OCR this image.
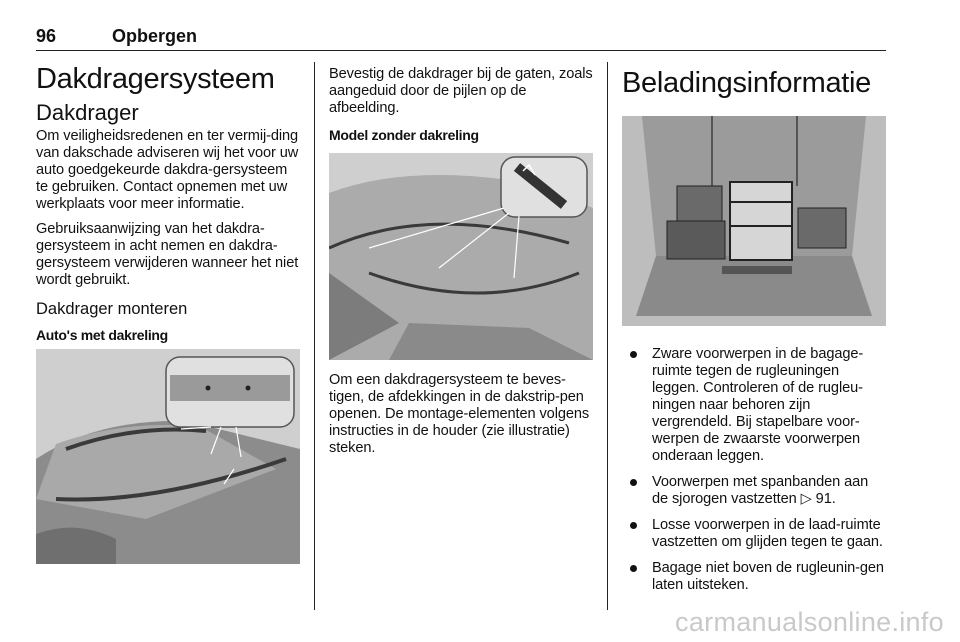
96	Opbergen
Dakdragersysteem
Dakdrager

Om veiligheidsredenen en ter vermij-ding van dakschade adviseren wij het voor uw auto goedgekeurde dakdra-gersysteem te gebruiken. Contact opnemen met uw werkplaats voor meer informatie.

Gebruiksaanwijzing van het dakdra-gersysteem in acht nemen en dakdra-gersysteem verwijderen wanneer het niet wordt gebruikt.

Dakdrager monteren
Auto's met dakreling

Bevestig de dakdrager bij de gaten, zoals aangeduid door de pijlen op de afbeelding.

Model zonder dakreling

Om een dakdragersysteem te beves-tigen, de afdekkingen in de dakstrip-pen openen. De montage-elementen volgens instructies in de houder (zie illustratie) steken.

Beladingsinformatie
Zware voorwerpen in de bagage-ruimte tegen de rugleuningen leggen. Controleren of de rugleu-ningen naar behoren zijn vergrendeld. Bij stapelbare voor-werpen de zwaarste voorwerpen onderaan leggen.
Voorwerpen met spanbanden aan de sjorogen vastzetten ▷ 91.
Losse voorwerpen in de laad-ruimte vastzetten om glijden tegen te gaan.
Bagage niet boven de rugleunin-gen laten uitsteken.
carmanualsonline.info
